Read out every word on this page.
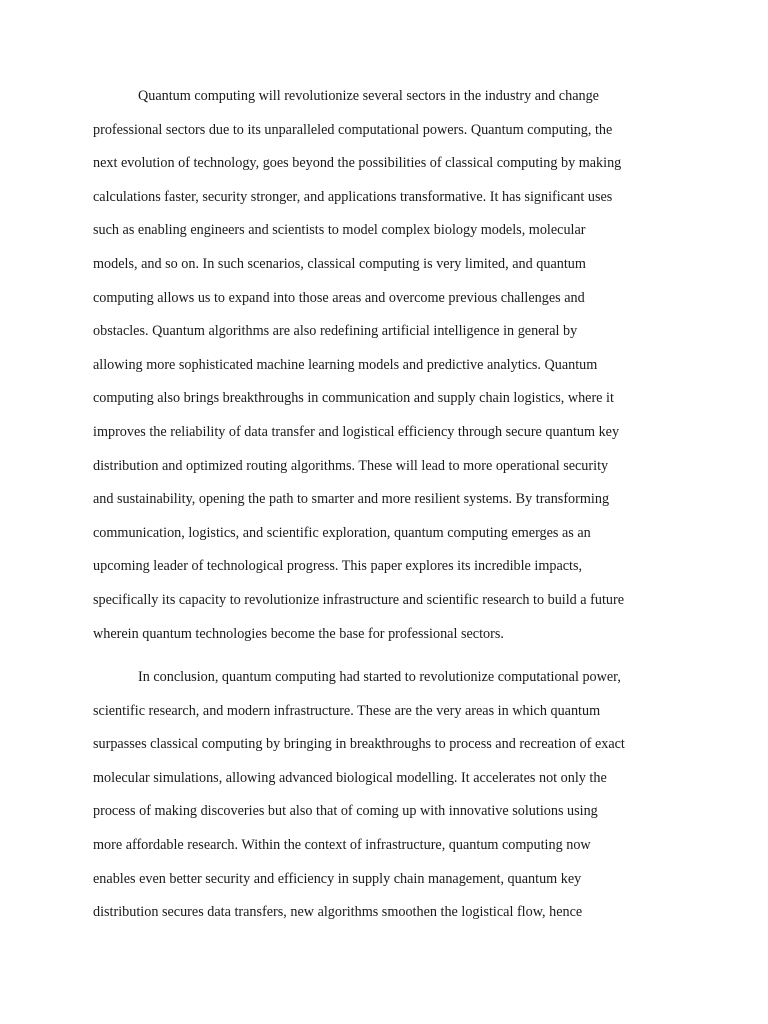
Quantum computing will revolutionize several sectors in the industry and change
professional sectors due to its unparalleled computational powers. Quantum computing, the
next evolution of technology, goes beyond the possibilities of classical computing by making
calculations faster, security stronger, and applications transformative. It has significant uses
such as enabling engineers and scientists to model complex biology models, molecular
models, and so on. In such scenarios, classical computing is very limited, and quantum
computing allows us to expand into those areas and overcome previous challenges and
obstacles. Quantum algorithms are also redefining artificial intelligence in general by
allowing more sophisticated machine learning models and predictive analytics. Quantum
computing also brings breakthroughs in communication and supply chain logistics, where it
improves the reliability of data transfer and logistical efficiency through secure quantum key
distribution and optimized routing algorithms. These will lead to more operational security
and sustainability, opening the path to smarter and more resilient systems. By transforming
communication, logistics, and scientific exploration, quantum computing emerges as an
upcoming leader of technological progress. This paper explores its incredible impacts,
specifically its capacity to revolutionize infrastructure and scientific research to build a future
wherein quantum technologies become the base for professional sectors.
In conclusion, quantum computing had started to revolutionize computational power,
scientific research, and modern infrastructure. These are the very areas in which quantum
surpasses classical computing by bringing in breakthroughs to process and recreation of exact
molecular simulations, allowing advanced biological modelling. It accelerates not only the
process of making discoveries but also that of coming up with innovative solutions using
more affordable research. Within the context of infrastructure, quantum computing now
enables even better security and efficiency in supply chain management, quantum key
distribution secures data transfers, new algorithms smoothen the logistical flow, hence
